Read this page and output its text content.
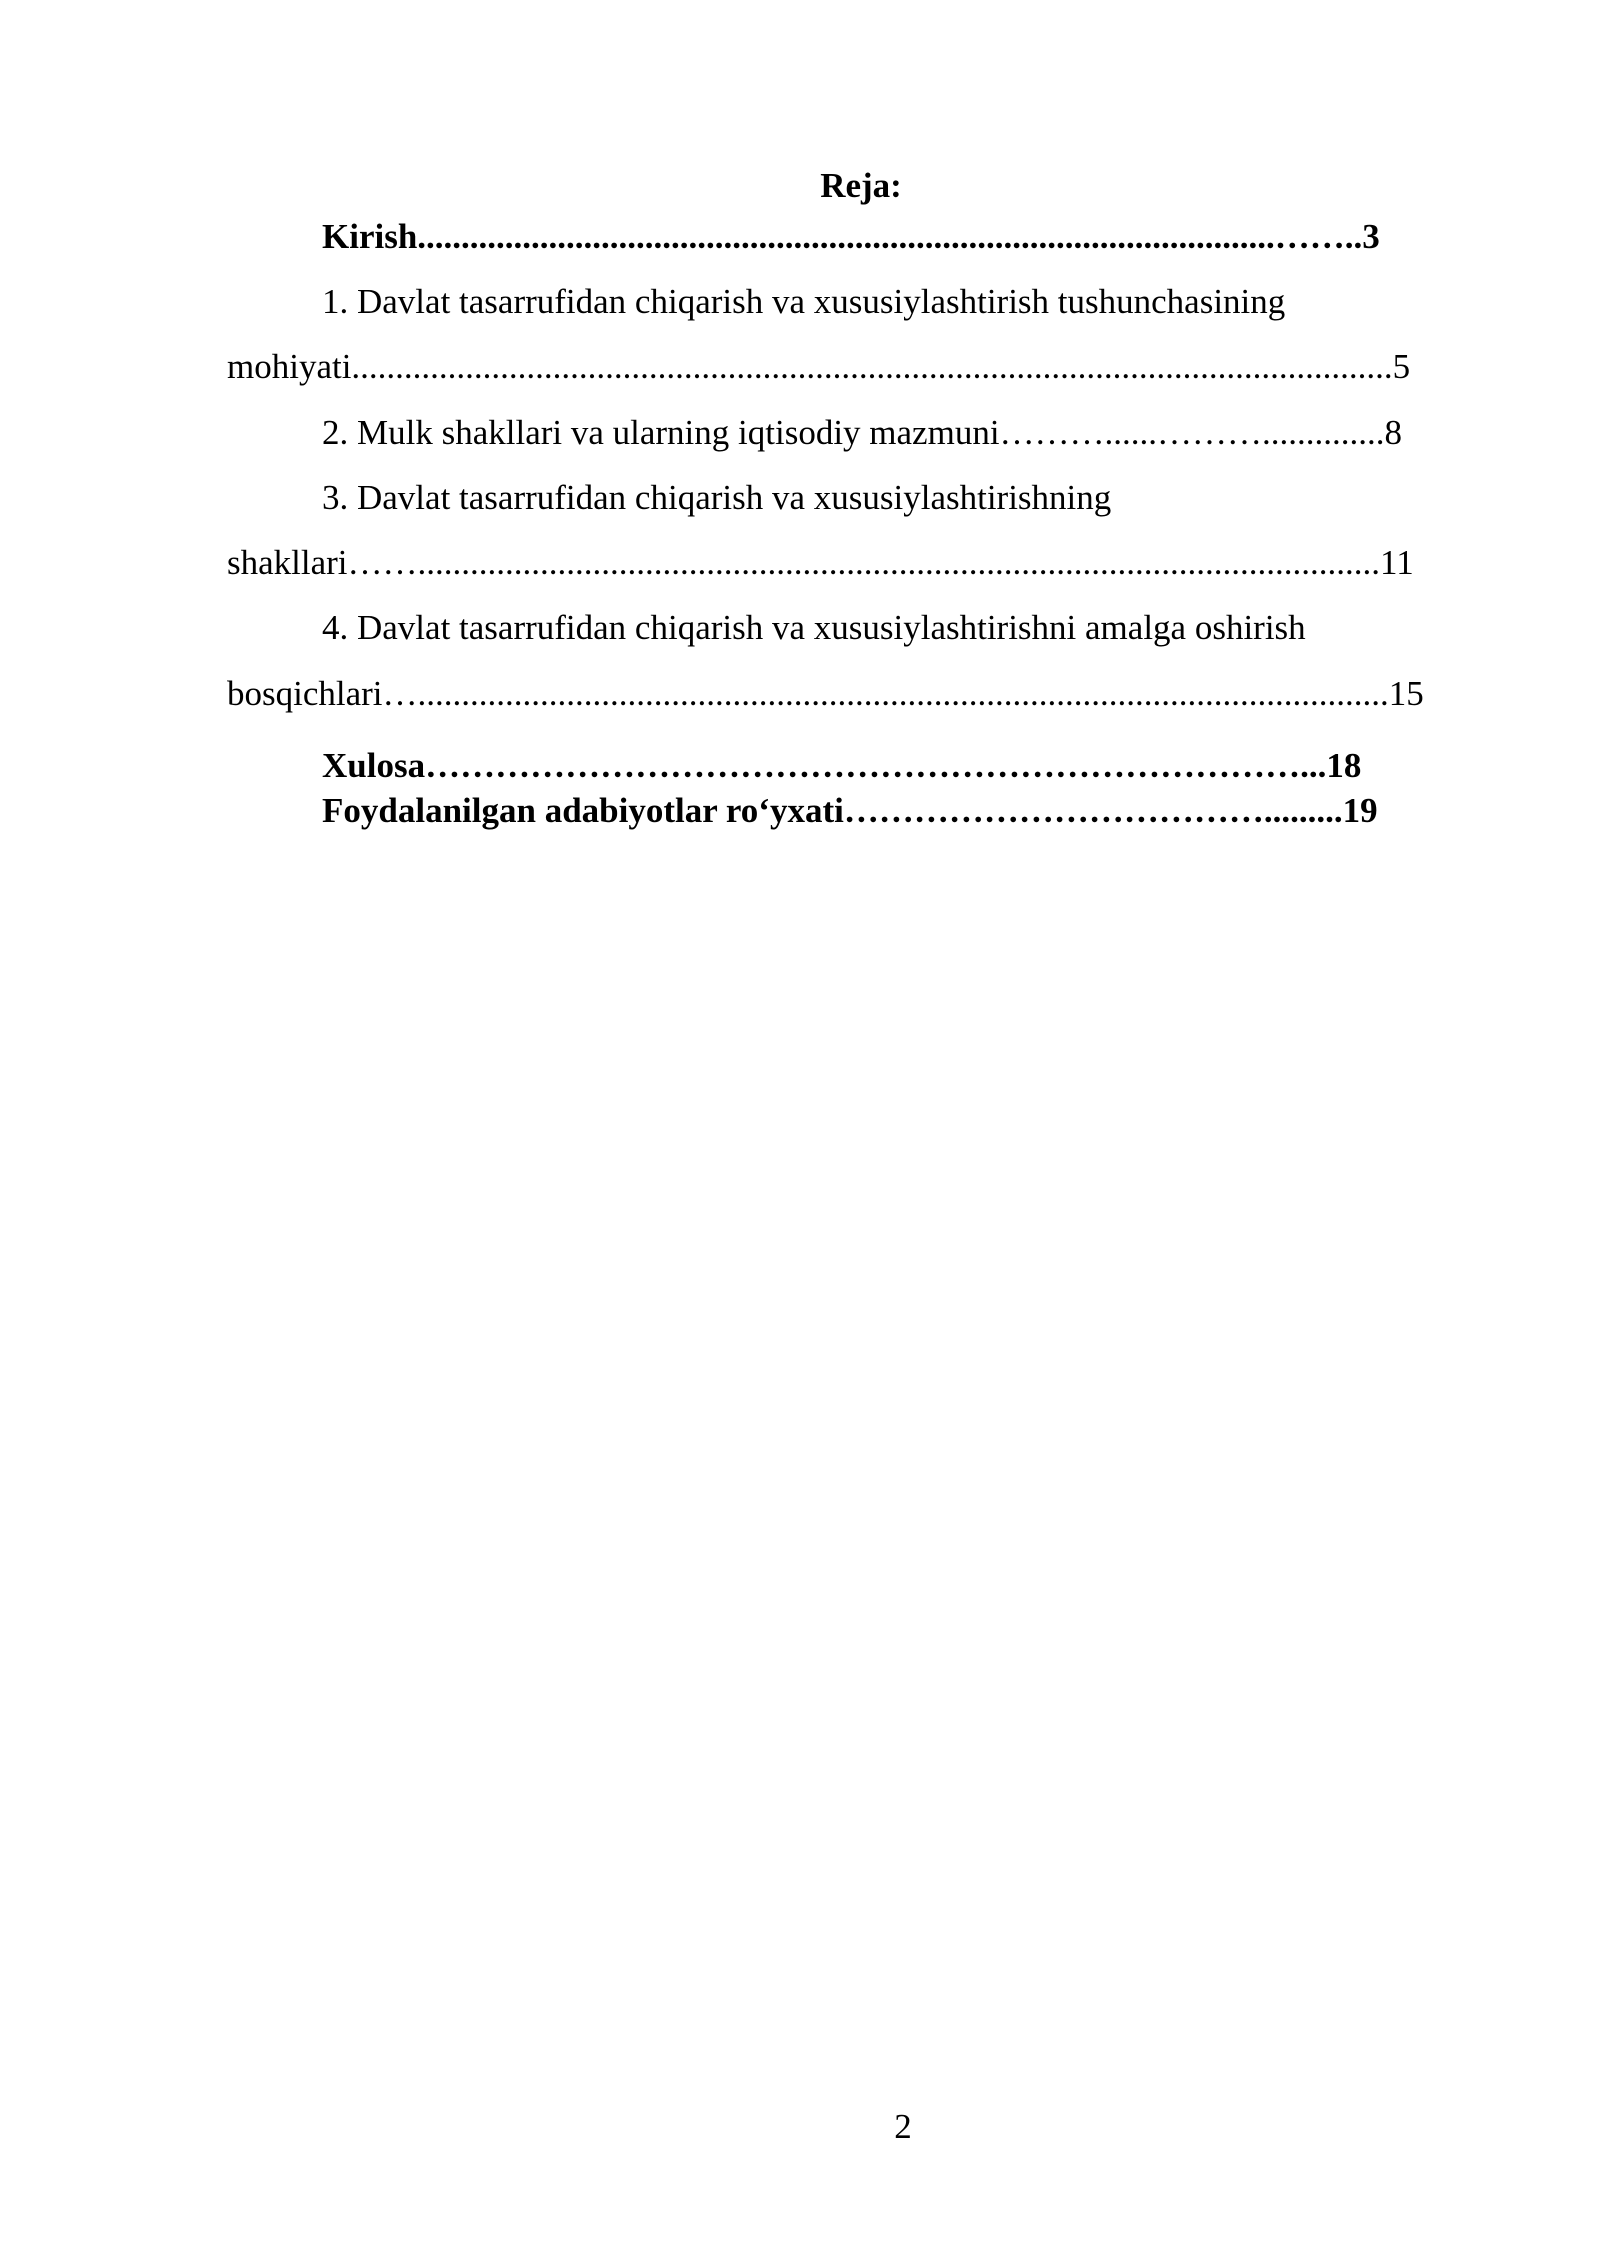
Reja:
Kirish..................................................................................................……..3
1. Davlat tasarrufidan chiqarish va xususiylashtirish tushunchasining
mohiyati.......................................................................................................................5
2. Mulk shakllari va ularning iqtisodiy mazmuni………......………..............8
3. Davlat tasarrufidan chiqarish va xususiylashtirishning
shakllari……..............................................................................................................11
4. Davlat tasarrufidan chiqarish va xususiylashtirishni amalga oshirish
bosqichlari…...............................................................................................................15
Xulosa…………………………………………………………………...18
Foydalanilgan adabiyotlar ro‘yxati……………………………….........19
2
